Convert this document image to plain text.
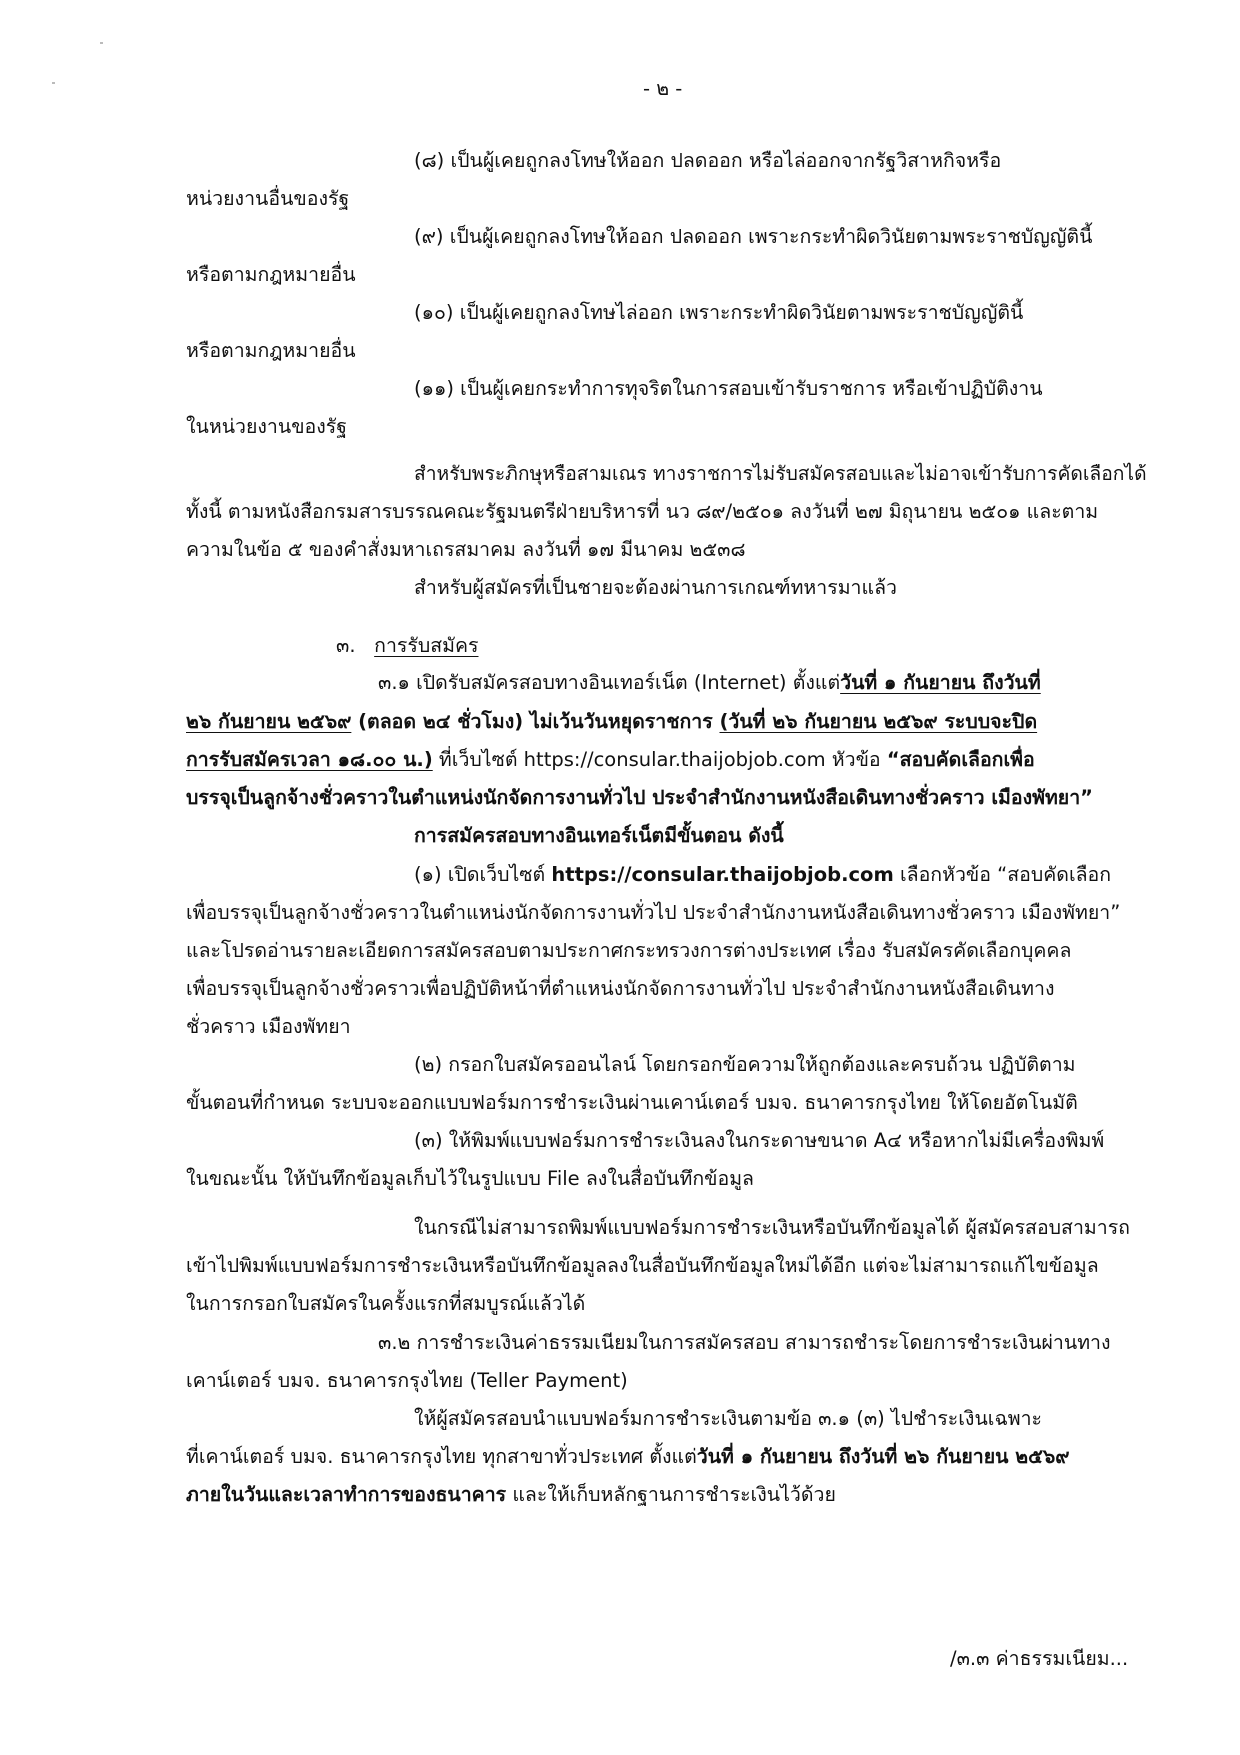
- ๒ -
(๘) เป็นผู้เคยถูกลงโทษให้ออก ปลดออก หรือไล่ออกจากรัฐวิสาหกิจหรือ
หน่วยงานอื่นของรัฐ
(๙) เป็นผู้เคยถูกลงโทษให้ออก ปลดออก เพราะกระทำผิดวินัยตามพระราชบัญญัตินี้
หรือตามกฎหมายอื่น
(๑๐) เป็นผู้เคยถูกลงโทษไล่ออก เพราะกระทำผิดวินัยตามพระราชบัญญัตินี้
หรือตามกฎหมายอื่น
(๑๑) เป็นผู้เคยกระทำการทุจริตในการสอบเข้ารับราชการ หรือเข้าปฏิบัติงาน
ในหน่วยงานของรัฐ
สำหรับพระภิกษุหรือสามเณร ทางราชการไม่รับสมัครสอบและไม่อาจเข้ารับการคัดเลือกได้
ทั้งนี้ ตามหนังสือกรมสารบรรณคณะรัฐมนตรีฝ่ายบริหารที่ นว ๘๙/๒๕๐๑ ลงวันที่ ๒๗ มิถุนายน ๒๕๐๑ และตาม
ความในข้อ ๕ ของคำสั่งมหาเถรสมาคม ลงวันที่ ๑๗ มีนาคม ๒๕๓๘
สำหรับผู้สมัครที่เป็นชายจะต้องผ่านการเกณฑ์ทหารมาแล้ว
๓. การรับสมัคร
๓.๑ เปิดรับสมัครสอบทางอินเทอร์เน็ต (Internet) ตั้งแต่วันที่ ๑ กันยายน ถึงวันที่
๒๖ กันยายน ๒๕๖๙ (ตลอด ๒๔ ชั่วโมง) ไม่เว้นวันหยุดราชการ (วันที่ ๒๖ กันยายน ๒๕๖๙ ระบบจะปิด
การรับสมัครเวลา ๑๘.๐๐ น.) ที่เว็บไซต์ https://consular.thaijobjob.com หัวข้อ “สอบคัดเลือกเพื่อ
บรรจุเป็นลูกจ้างชั่วคราวในตำแหน่งนักจัดการงานทั่วไป ประจำสำนักงานหนังสือเดินทางชั่วคราว เมืองพัทยา”
การสมัครสอบทางอินเทอร์เน็ตมีขั้นตอน ดังนี้
(๑) เปิดเว็บไซต์ https://consular.thaijobjob.com เลือกหัวข้อ “สอบคัดเลือก
เพื่อบรรจุเป็นลูกจ้างชั่วคราวในตำแหน่งนักจัดการงานทั่วไป ประจำสำนักงานหนังสือเดินทางชั่วคราว เมืองพัทยา”
และโปรดอ่านรายละเอียดการสมัครสอบตามประกาศกระทรวงการต่างประเทศ เรื่อง รับสมัครคัดเลือกบุคคล
เพื่อบรรจุเป็นลูกจ้างชั่วคราวเพื่อปฏิบัติหน้าที่ตำแหน่งนักจัดการงานทั่วไป ประจำสำนักงานหนังสือเดินทาง
ชั่วคราว เมืองพัทยา
(๒) กรอกใบสมัครออนไลน์ โดยกรอกข้อความให้ถูกต้องและครบถ้วน ปฏิบัติตาม
ขั้นตอนที่กำหนด ระบบจะออกแบบฟอร์มการชำระเงินผ่านเคาน์เตอร์ บมจ. ธนาคารกรุงไทย ให้โดยอัตโนมัติ
(๓) ให้พิมพ์แบบฟอร์มการชำระเงินลงในกระดาษขนาด A๔ หรือหากไม่มีเครื่องพิมพ์
ในขณะนั้น ให้บันทึกข้อมูลเก็บไว้ในรูปแบบ File ลงในสื่อบันทึกข้อมูล
ในกรณีไม่สามารถพิมพ์แบบฟอร์มการชำระเงินหรือบันทึกข้อมูลได้ ผู้สมัครสอบสามารถ
เข้าไปพิมพ์แบบฟอร์มการชำระเงินหรือบันทึกข้อมูลลงในสื่อบันทึกข้อมูลใหม่ได้อีก แต่จะไม่สามารถแก้ไขข้อมูล
ในการกรอกใบสมัครในครั้งแรกที่สมบูรณ์แล้วได้
๓.๒ การชำระเงินค่าธรรมเนียมในการสมัครสอบ สามารถชำระโดยการชำระเงินผ่านทาง
เคาน์เตอร์ บมจ. ธนาคารกรุงไทย (Teller Payment)
ให้ผู้สมัครสอบนำแบบฟอร์มการชำระเงินตามข้อ ๓.๑ (๓) ไปชำระเงินเฉพาะ
ที่เคาน์เตอร์ บมจ. ธนาคารกรุงไทย ทุกสาขาทั่วประเทศ ตั้งแต่วันที่ ๑ กันยายน ถึงวันที่ ๒๖ กันยายน ๒๕๖๙
ภายในวันและเวลาทำการของธนาคาร และให้เก็บหลักฐานการชำระเงินไว้ด้วย
/๓.๓ ค่าธรรมเนียม...
